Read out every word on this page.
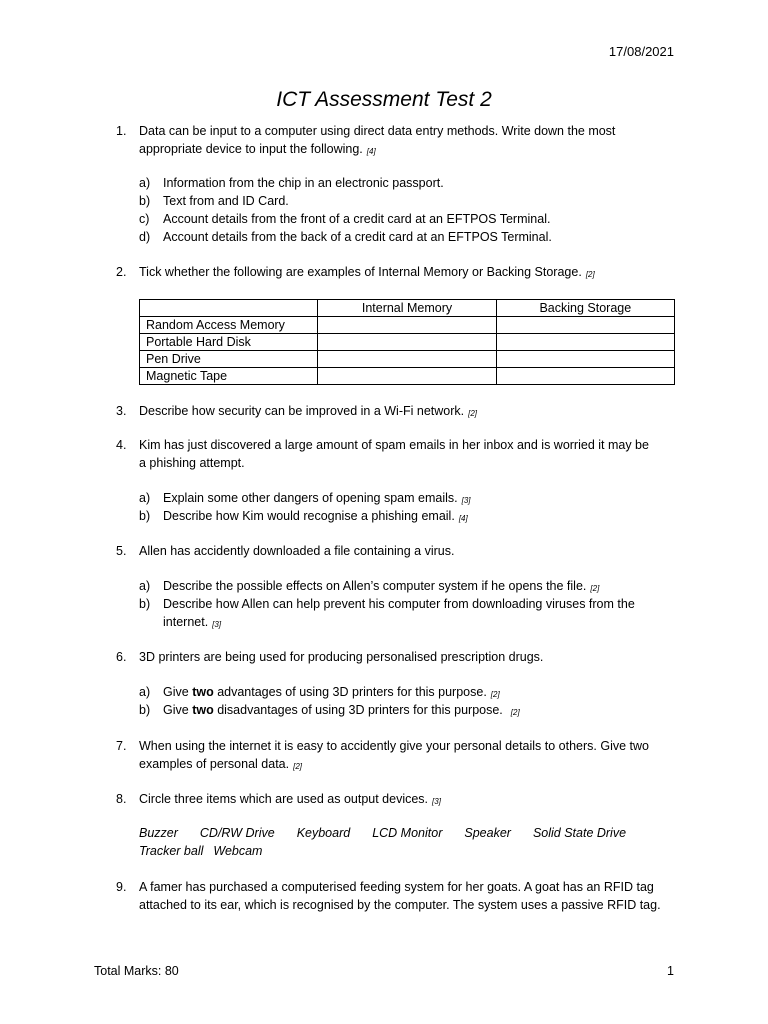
17/08/2021
ICT Assessment Test 2
1. Data can be input to a computer using direct data entry methods. Write down the most
appropriate device to input the following. [4]
a) Information from the chip in an electronic passport.
b) Text from and ID Card.
c) Account details from the front of a credit card at an EFTPOS Terminal.
d) Account details from the back of a credit card at an EFTPOS Terminal.
2. Tick whether the following are examples of Internal Memory or Backing Storage. [2]
	Internal Memory	Backing Storage
Random Access Memory		
Portable Hard Disk		
Pen Drive		
Magnetic Tape		
3. Describe how security can be improved in a Wi-Fi network. [2]
4. Kim has just discovered a large amount of spam emails in her inbox and is worried it may be
a phishing attempt.
a) Explain some other dangers of opening spam emails. [3]
b) Describe how Kim would recognise a phishing email. [4]
5. Allen has accidently downloaded a file containing a virus.
a) Describe the possible effects on Allen’s computer system if he opens the file. [2]
b) Describe how Allen can help prevent his computer from downloading viruses from the
internet. [3]
6. 3D printers are being used for producing personalised prescription drugs.
a) Give two advantages of using 3D printers for this purpose. [2]
b) Give two disadvantages of using 3D printers for this purpose. [2]
7. When using the internet it is easy to accidently give your personal details to others. Give two
examples of personal data. [2]
8. Circle three items which are used as output devices. [3]
Buzzer CD/RW Drive Keyboard LCD Monitor Speaker Solid State Drive
Tracker ball Webcam
9. A famer has purchased a computerised feeding system for her goats. A goat has an RFID tag
attached to its ear, which is recognised by the computer. The system uses a passive RFID tag.
Total Marks: 80	1
